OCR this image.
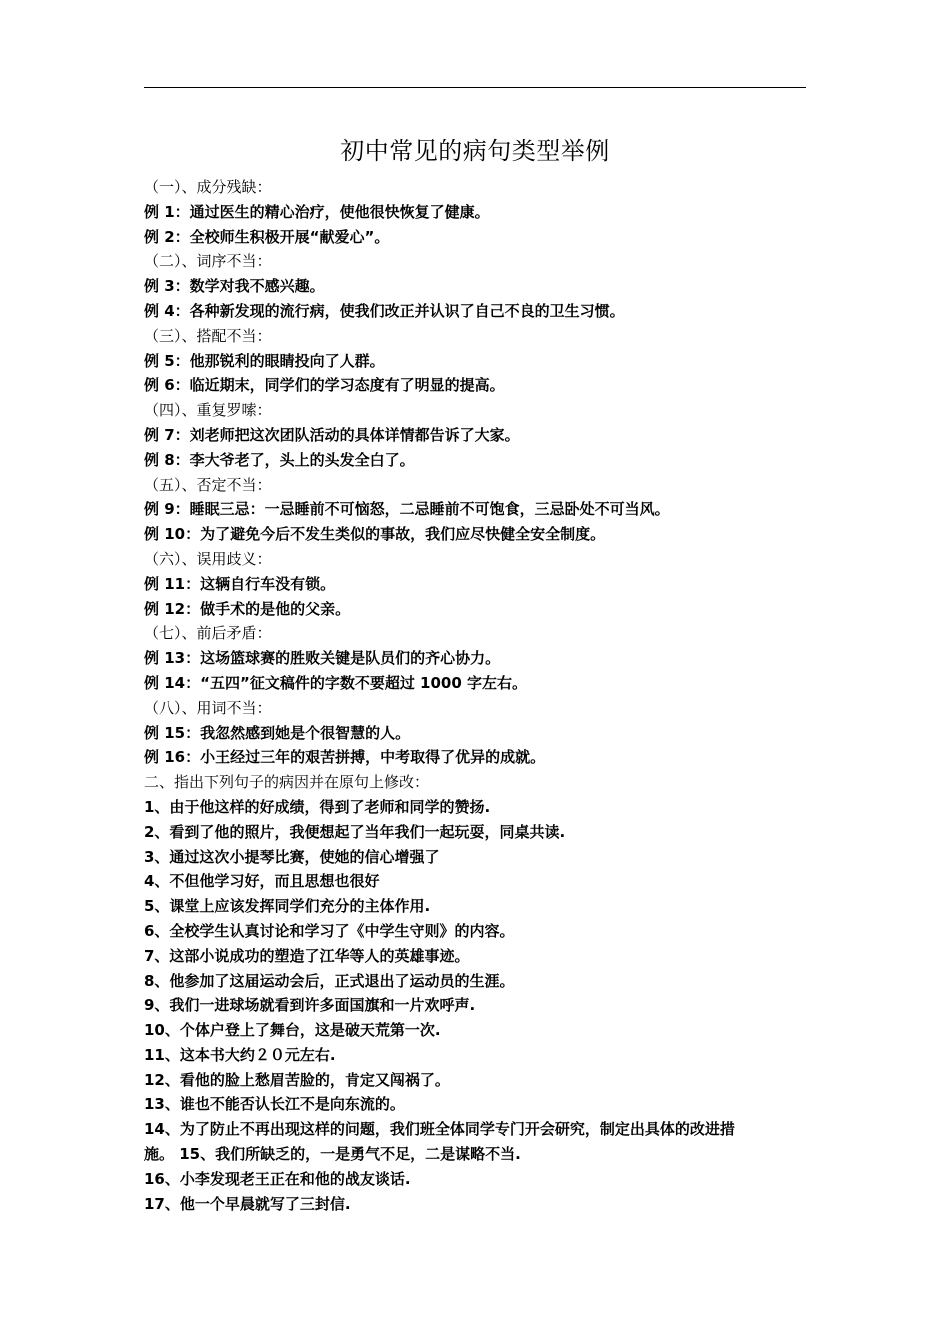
初中常见的病句类型举例
（一）、成分残缺：
例 1：通过医生的精心治疗，使他很快恢复了健康。
例 2：全校师生积极开展“献爱心”。
（二）、词序不当：
例 3：数学对我不感兴趣。
例 4：各种新发现的流行病，使我们改正并认识了自己不良的卫生习惯。
（三）、搭配不当：
例 5：他那锐利的眼睛投向了人群。
例 6：临近期末，同学们的学习态度有了明显的提高。
（四）、重复罗嗦：
例 7：刘老师把这次团队活动的具体详情都告诉了大家。
例 8：李大爷老了，头上的头发全白了。
（五）、否定不当：
例 9：睡眠三忌：一忌睡前不可恼怒，二忌睡前不可饱食，三忌卧处不可当风。
例 10：为了避免今后不发生类似的事故，我们应尽快健全安全制度。
（六）、误用歧义：
例 11：这辆自行车没有锁。
例 12：做手术的是他的父亲。
（七）、前后矛盾：
例 13：这场篮球赛的胜败关键是队员们的齐心协力。
例 14：“五四”征文稿件的字数不要超过 1000 字左右。
（八）、用词不当：
例 15：我忽然感到她是个很智慧的人。
例 16：小王经过三年的艰苦拼搏，中考取得了优异的成就。
二、指出下列句子的病因并在原句上修改：
1、由于他这样的好成绩，得到了老师和同学的赞扬.
2、看到了他的照片，我便想起了当年我们一起玩耍，同桌共读.
3、通过这次小提琴比赛，使她的信心增强了
4、不但他学习好，而且思想也很好
5、课堂上应该发挥同学们充分的主体作用.
6、全校学生认真讨论和学习了《中学生守则》的内容。
7、这部小说成功的塑造了江华等人的英雄事迹。
8、他参加了这届运动会后，正式退出了运动员的生涯。
9、我们一进球场就看到许多面国旗和一片欢呼声.
10、个体户登上了舞台，这是破天荒第一次.
11、这本书大约２０元左右.
12、看他的脸上愁眉苦脸的，肯定又闯祸了。
13、谁也不能否认长江不是向东流的。
14、为了防止不再出现这样的问题，我们班全体同学专门开会研究，制定出具体的改进措
施。 15、我们所缺乏的，一是勇气不足，二是谋略不当.
16、小李发现老王正在和他的战友谈话.
17、他一个早晨就写了三封信.
